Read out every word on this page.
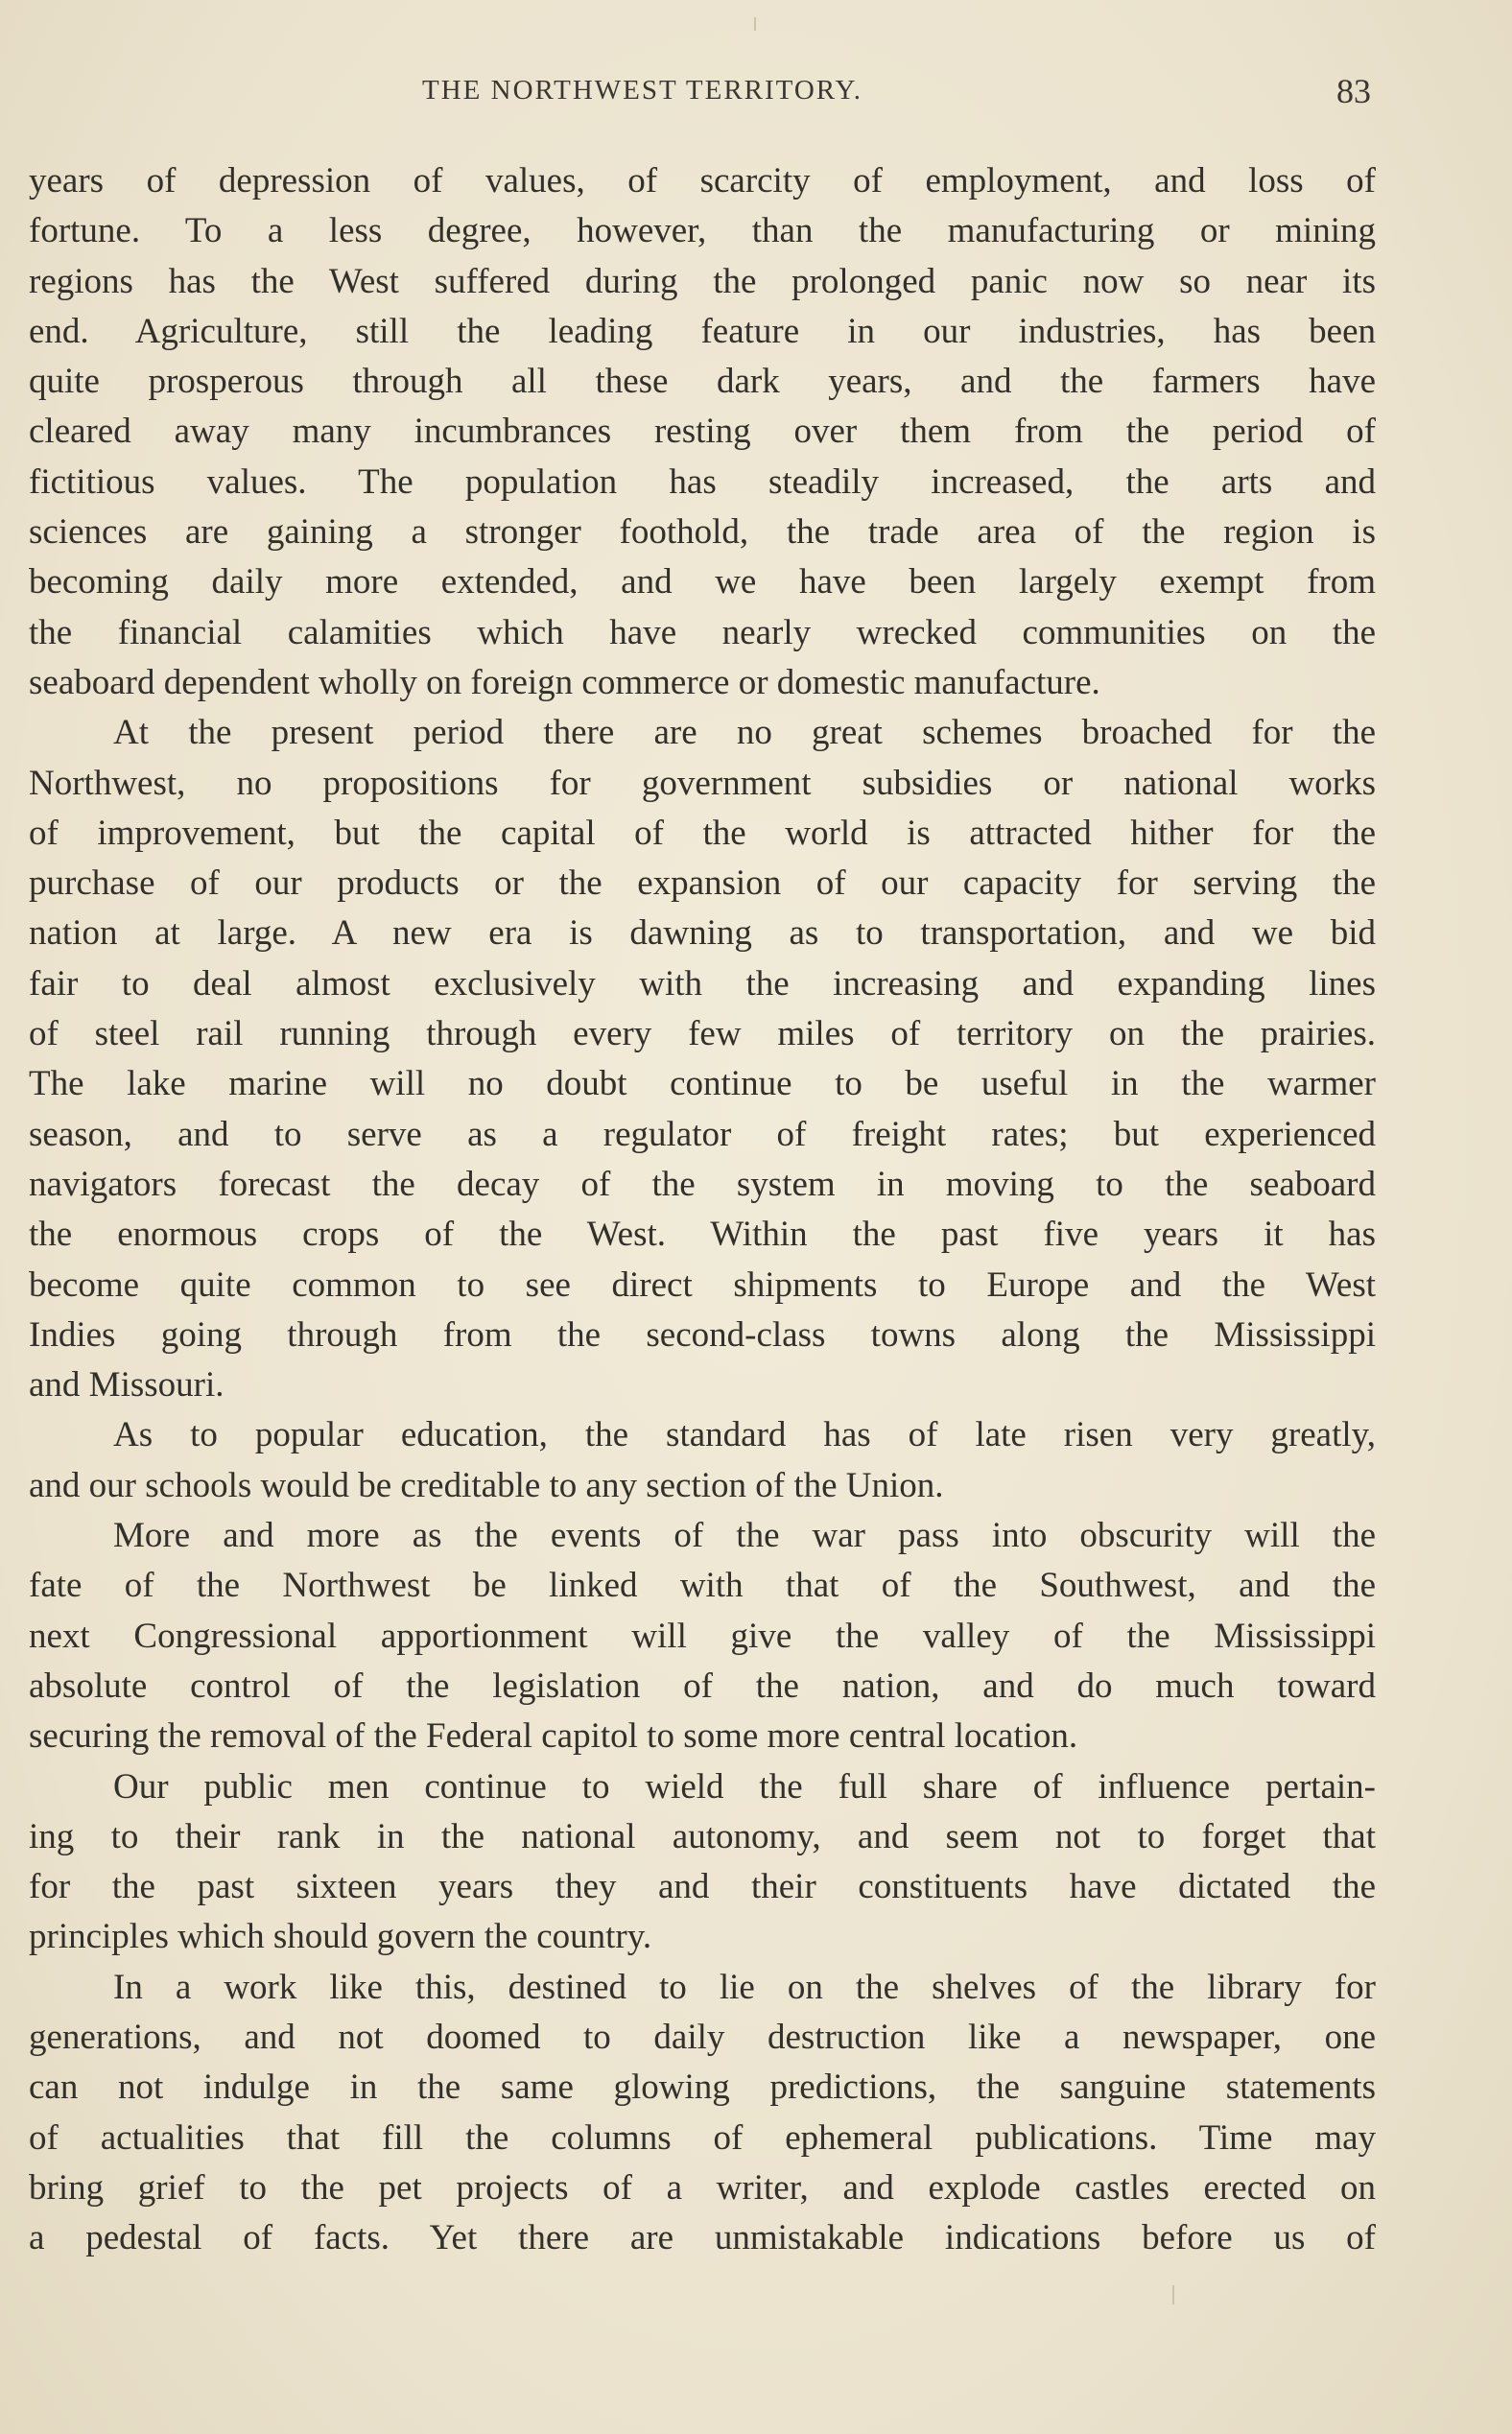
THE NORTHWEST TERRITORY.	83
years of depression of values, of scarcity of employment, and loss of
fortune. To a less degree, however, than the manufacturing or mining
regions has the West suffered during the prolonged panic now so near its
end. Agriculture, still the leading feature in our industries, has been
quite prosperous through all these dark years, and the farmers have
cleared away many incumbrances resting over them from the period of
fictitious values. The population has steadily increased, the arts and
sciences are gaining a stronger foothold, the trade area of the region is
becoming daily more extended, and we have been largely exempt from
the financial calamities which have nearly wrecked communities on the
seaboard dependent wholly on foreign commerce or domestic manufacture.
At the present period there are no great schemes broached for the
Northwest, no propositions for government subsidies or national works
of improvement, but the capital of the world is attracted hither for the
purchase of our products or the expansion of our capacity for serving the
nation at large. A new era is dawning as to transportation, and we bid
fair to deal almost exclusively with the increasing and expanding lines
of steel rail running through every few miles of territory on the prairies.
The lake marine will no doubt continue to be useful in the warmer
season, and to serve as a regulator of freight rates; but experienced
navigators forecast the decay of the system in moving to the seaboard
the enormous crops of the West. Within the past five years it has
become quite common to see direct shipments to Europe and the West
Indies going through from the second-class towns along the Mississippi
and Missouri.
As to popular education, the standard has of late risen very greatly,
and our schools would be creditable to any section of the Union.
More and more as the events of the war pass into obscurity will the
fate of the Northwest be linked with that of the Southwest, and the
next Congressional apportionment will give the valley of the Mississippi
absolute control of the legislation of the nation, and do much toward
securing the removal of the Federal capitol to some more central location.
Our public men continue to wield the full share of influence pertain-
ing to their rank in the national autonomy, and seem not to forget that
for the past sixteen years they and their constituents have dictated the
principles which should govern the country.
In a work like this, destined to lie on the shelves of the library for
generations, and not doomed to daily destruction like a newspaper, one
can not indulge in the same glowing predictions, the sanguine statements
of actualities that fill the columns of ephemeral publications. Time may
bring grief to the pet projects of a writer, and explode castles erected on
a pedestal of facts. Yet there are unmistakable indications before us of
